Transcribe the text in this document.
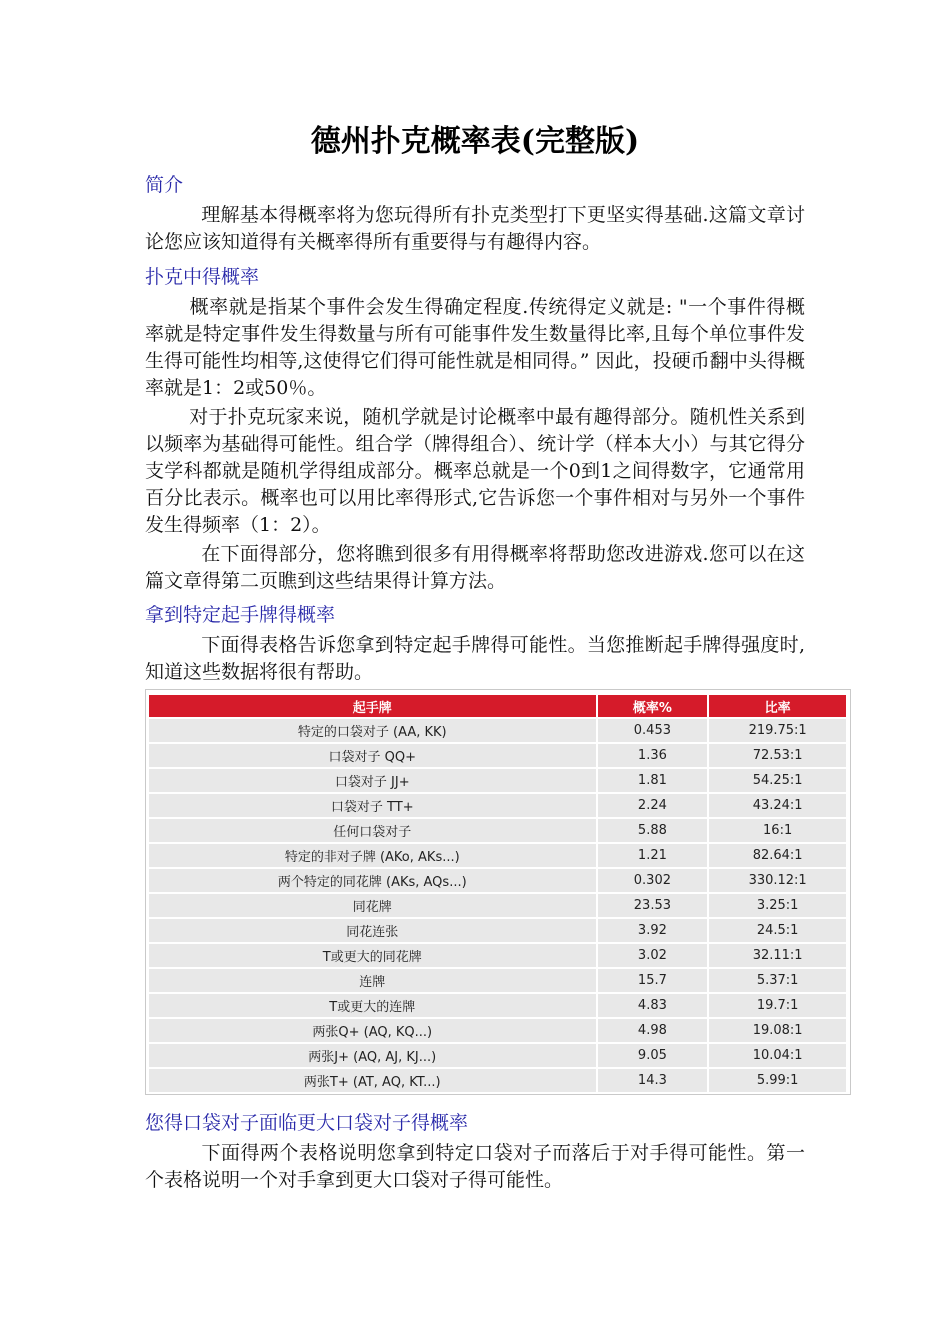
德州扑克概率表(完整版)
简介
理解基本得概率将为您玩得所有扑克类型打下更坚实得基础.这篇文章讨论您应该知道得有关概率得所有重要得与有趣得内容。
扑克中得概率
概率就是指某个事件会发生得确定程度.传统得定义就是: "一个事件得概率就是特定事件发生得数量与所有可能事件发生数量得比率,且每个单位事件发生得可能性均相等,这使得它们得可能性就是相同得。” 因此，投硬币翻中头得概率就是1：2或50％。
对于扑克玩家来说，随机学就是讨论概率中最有趣得部分。随机性关系到以频率为基础得可能性。组合学（牌得组合）、统计学（样本大小）与其它得分支学科都就是随机学得组成部分。概率总就是一个0到1之间得数字，它通常用百分比表示。概率也可以用比率得形式,它告诉您一个事件相对与另外一个事件发生得频率（1：2）。
在下面得部分，您将瞧到很多有用得概率将帮助您改进游戏.您可以在这篇文章得第二页瞧到这些结果得计算方法。
拿到特定起手牌得概率
下面得表格告诉您拿到特定起手牌得可能性。当您推断起手牌得强度时,知道这些数据将很有帮助。
起手牌	概率%	比率
特定的口袋对子 (AA, KK)	0.453	219.75:1
口袋对子 QQ+	1.36	72.53:1
口袋对子 JJ+	1.81	54.25:1
口袋对子 TT+	2.24	43.24:1
任何口袋对子	5.88	16:1
特定的非对子牌 (AKo, AKs...)	1.21	82.64:1
两个特定的同花牌 (AKs, AQs...)	0.302	330.12:1
同花牌	23.53	3.25:1
同花连张	3.92	24.5:1
T或更大的同花牌	3.02	32.11:1
连牌	15.7	5.37:1
T或更大的连牌	4.83	19.7:1
两张Q+ (AQ, KQ...)	4.98	19.08:1
两张J+ (AQ, AJ, KJ...)	9.05	10.04:1
两张T+ (AT, AQ, KT...)	14.3	5.99:1
您得口袋对子面临更大口袋对子得概率
下面得两个表格说明您拿到特定口袋对子而落后于对手得可能性。第一个表格说明一个对手拿到更大口袋对子得可能性。
